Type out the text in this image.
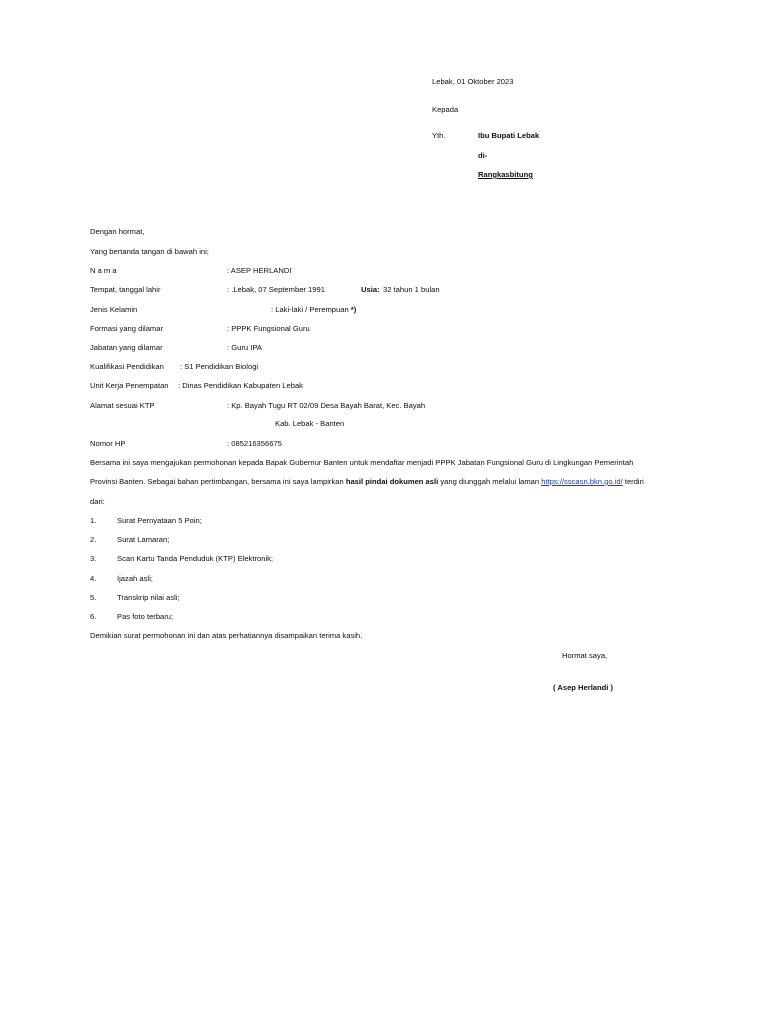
Lebak, 01 Oktober 2023
Kepada
Yth.	Ibu Bupati Lebak
di-
Rangkasbitung
Dengan hormat,
Yang bertanda tangan di bawah ini;
N a m a	: ASEP HERLANDI
Tempat, tanggal lahir	: .Lebak, 07 September 1991	Usia: 32 tahun 1 bulan
Jenis Kelamin	: Laki-laki / Perempuan *)
Formasi yang dilamar	: PPPK Fungsional Guru
Jabatan yang dilamar	: Guru IPA
Kualifikasi Pendidikan : S1 Pendidikan Biologi
Unit Kerja Penempatan : Dinas Pendidikan Kabupaten Lebak
Alamat sesuai KTP	: Kp. Bayah Tugu RT 02/09 Desa Bayah Barat, Kec. Bayah
Kab. Lebak - Banten
Nomor HP	: 085216356675
Bersama ini saya mengajukan permohonan kepada Bapak Gubernur Banten untuk mendaftar menjadi PPPK Jabatan Fungsional Guru di Lingkungan Pemerintah
Provinsi Banten. Sebagai bahan pertimbangan, bersama ini saya lampirkan hasil pindai dokumen asli yang diunggah melalui laman https://sscasn.bkn.go.id/ terdiri
dari:
1.	Surat Pernyataan 5 Poin;
2.	Surat Lamaran;
3.	Scan Kartu Tanda Penduduk (KTP) Elektronik;
4.	Ijazah asli;
5.	Transkrip nilai asli;
6.	Pas foto terbaru;
Demikian surat permohonan ini dan atas perhatiannya disampaikan terima kasih.
Hormat saya,
( Asep Herlandi )
